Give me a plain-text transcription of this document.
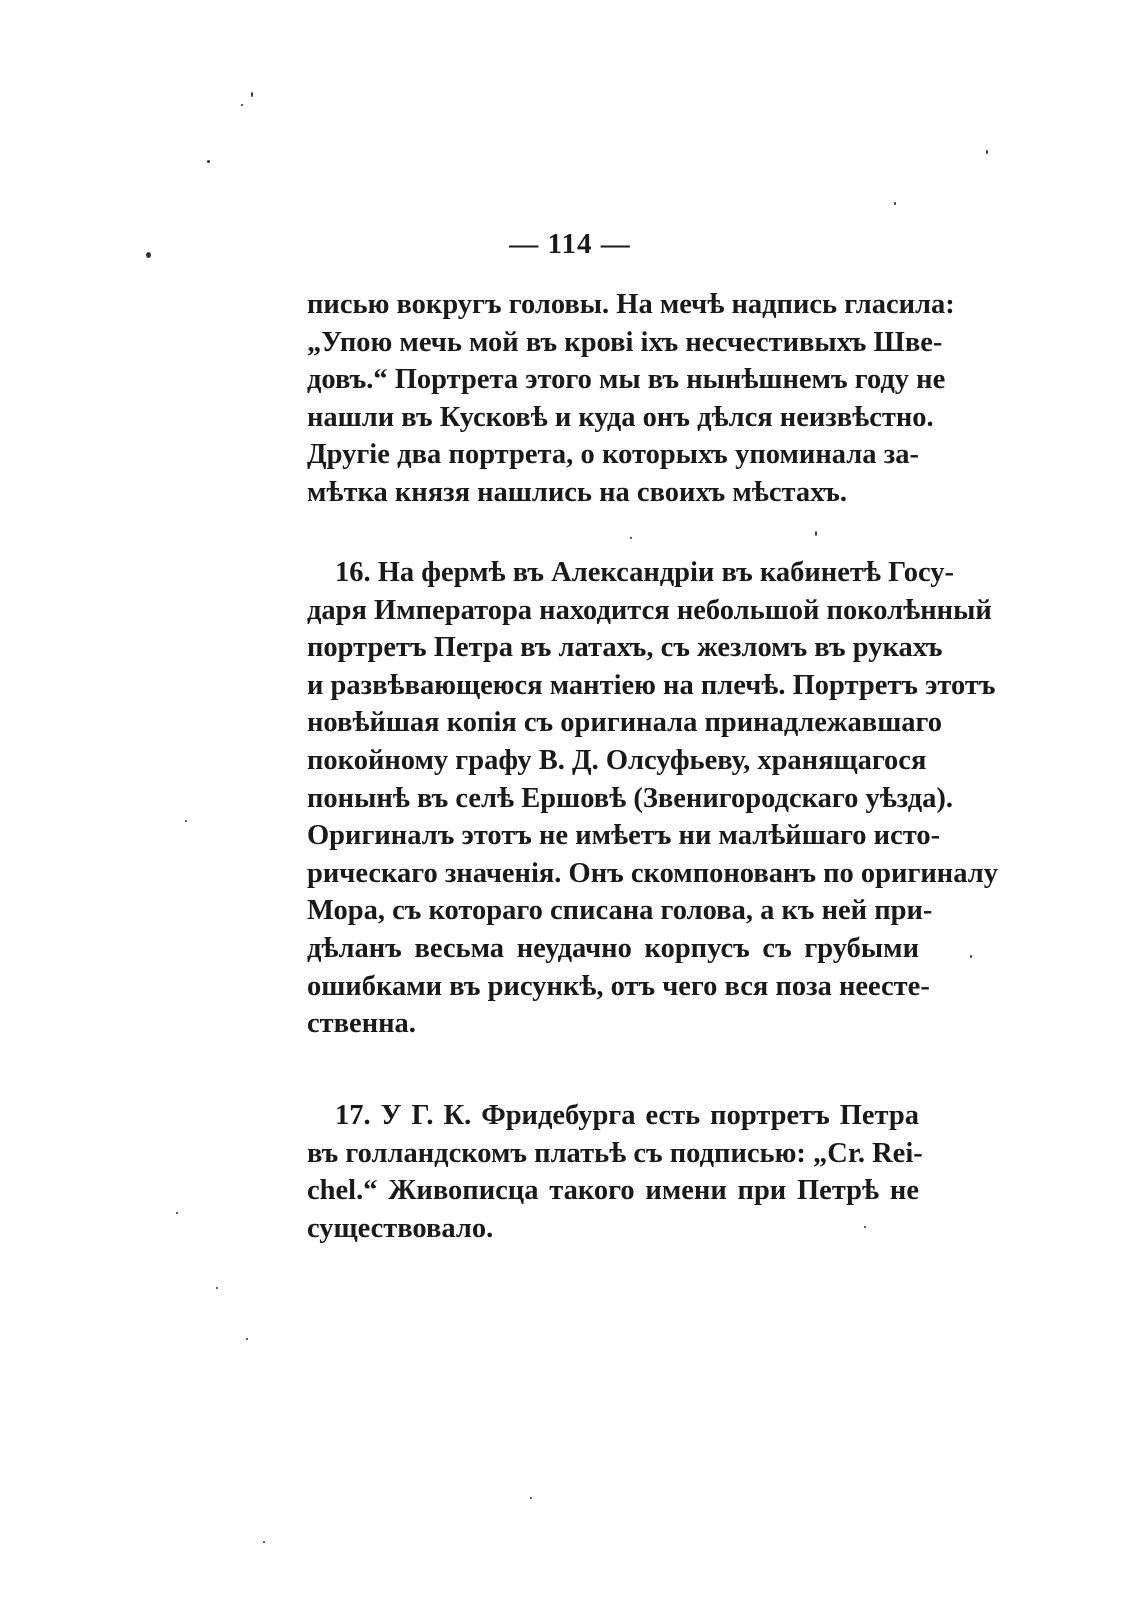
— 114 —
писью вокругъ головы. На мечѣ надпись гласила:
„Упою мечь мой въ крові іхъ несчестивыхъ Шве-
довъ.“ Портрета этого мы въ нынѣшнемъ году не
нашли въ Кусковѣ и куда онъ дѣлся неизвѣстно.
Другіе два портрета, о которыхъ упоминала за-
мѣтка князя нашлись на своихъ мѣстахъ.
16. На фермѣ въ Александріи въ кабинетѣ Госу-
даря Императора находится небольшой поколѣнный
портретъ Петра въ латахъ, съ жезломъ въ рукахъ
и развѣвающеюся мантіею на плечѣ. Портретъ этотъ
новѣйшая копія съ оригинала принадлежавшаго
покойному графу В. Д. Олсуфьеву, хранящагося
понынѣ въ селѣ Ершовѣ (Звенигородскаго уѣзда).
Оригиналъ этотъ не имѣетъ ни малѣйшаго исто-
рическаго значенія. Онъ скомпонованъ по оригиналу
Мора, съ котораго списана голова, а къ ней при-
дѣланъ весьма неудачно корпусъ съ грубыми
ошибками въ рисункѣ, отъ чего вся поза неесте-
ственна.
17. У Г. К. Фридебурга есть портретъ Петра
въ голландскомъ платьѣ съ подписью: „Cr. Rei-
chel.“ Живописца такого имени при Петрѣ не
существовало.
